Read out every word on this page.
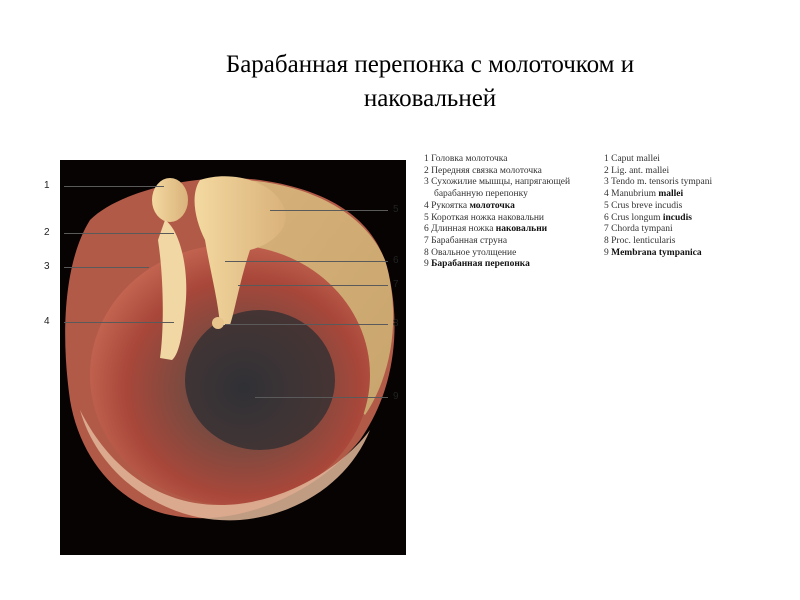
Барабанная перепонка с молоточком и
наковальней
1
2
3
4
5
6
7
8
9
1 Головка молоточка
2 Передняя связка молоточка
3 Сухожилие мышцы, напрягающей
барабанную перепонку
4 Рукоятка молоточка
5 Короткая ножка наковальни
6 Длинная ножка наковальни
7 Барабанная струна
8 Овальное утолщение
9 Барабанная перепонка
1 Caput mallei
2 Lig. ant. mallei
3 Tendo m. tensoris tympani
4 Manubrium mallei
5 Crus breve incudis
6 Crus longum incudis
7 Chorda tympani
8 Proc. lenticularis
9 Membrana tympanica
